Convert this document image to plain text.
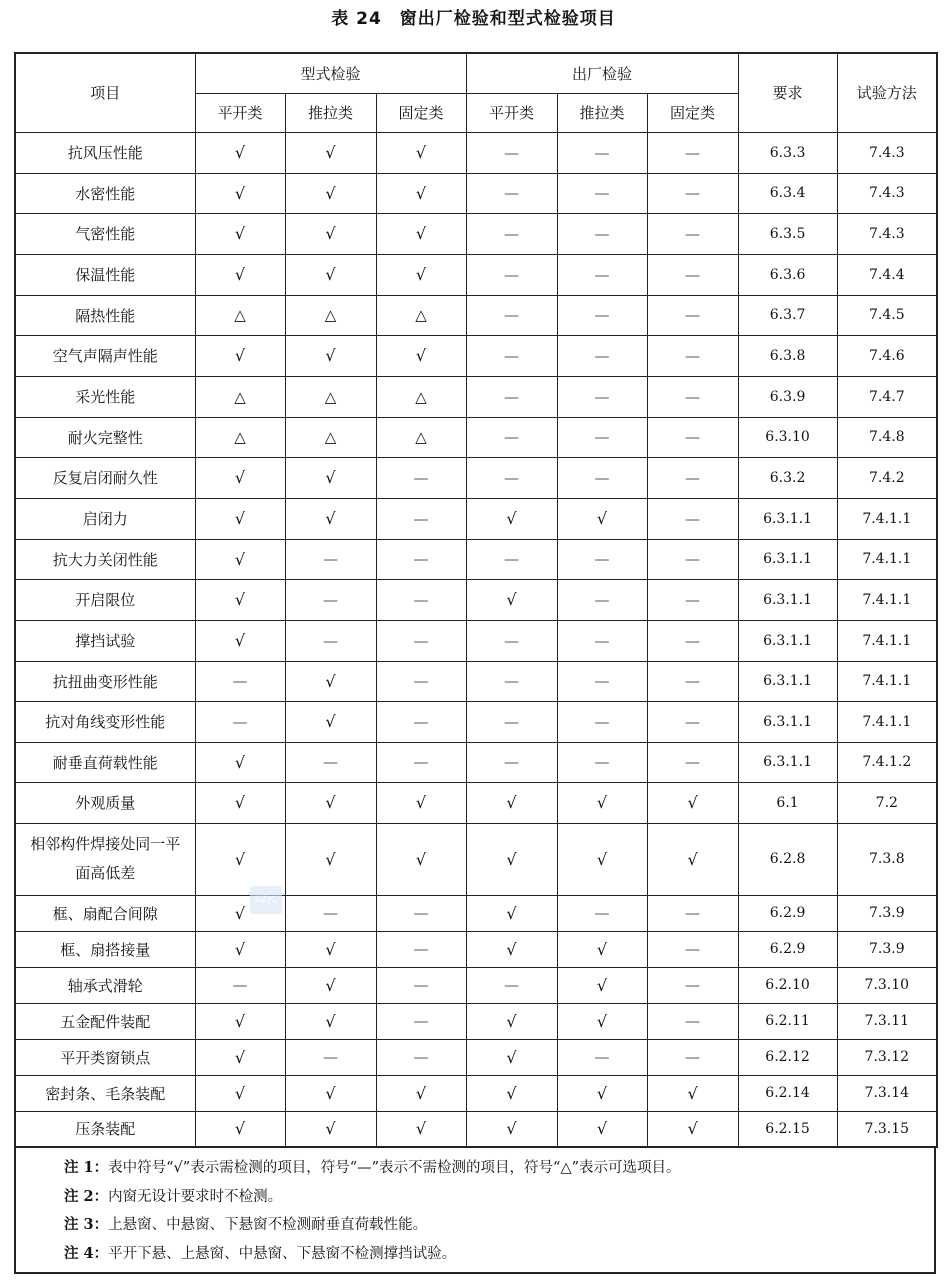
表 24　窗出厂检验和型式检验项目
项目	型式检验			出厂检验			要求	试验方法
	平开类	推拉类	固定类	平开类	推拉类	固定类		
抗风压性能	√	√	√	—	—	—	6.3.3	7.4.3
水密性能	√	√	√	—	—	—	6.3.4	7.4.3
气密性能	√	√	√	—	—	—	6.3.5	7.4.3
保温性能	√	√	√	—	—	—	6.3.6	7.4.4
隔热性能	△	△	△	—	—	—	6.3.7	7.4.5
空气声隔声性能	√	√	√	—	—	—	6.3.8	7.4.6
采光性能	△	△	△	—	—	—	6.3.9	7.4.7
耐火完整性	△	△	△	—	—	—	6.3.10	7.4.8
反复启闭耐久性	√	√	—	—	—	—	6.3.2	7.4.2
启闭力	√	√	—	√	√	—	6.3.1.1	7.4.1.1
抗大力关闭性能	√	—	—	—	—	—	6.3.1.1	7.4.1.1
开启限位	√	—	—	√	—	—	6.3.1.1	7.4.1.1
撑挡试验	√	—	—	—	—	—	6.3.1.1	7.4.1.1
抗扭曲变形性能	—	√	—	—	—	—	6.3.1.1	7.4.1.1
抗对角线变形性能	—	√	—	—	—	—	6.3.1.1	7.4.1.1
耐垂直荷载性能	√	—	—	—	—	—	6.3.1.1	7.4.1.2
外观质量	√	√	√	√	√	√	6.1	7.2
相邻构件焊接处同一平面高低差	√	√	√	√	√	√	6.2.8	7.3.8
框、扇配合间隙	√	—	—	√	—	—	6.2.9	7.3.9
框、扇搭接量	√	√	—	√	√	—	6.2.9	7.3.9
轴承式滑轮	—	√	—	—	√	—	6.2.10	7.3.10
五金配件装配	√	√	—	√	√	—	6.2.11	7.3.11
平开类窗锁点	√	—	—	√	—	—	6.2.12	7.3.12
密封条、毛条装配	√	√	√	√	√	√	6.2.14	7.3.14
压条装配	√	√	√	√	√	√	6.2.15	7.3.15
SZJC
注 1：表中符号“√”表示需检测的项目，符号“—”表示不需检测的项目，符号“△”表示可选项目。
注 2：内窗无设计要求时不检测。
注 3：上悬窗、中悬窗、下悬窗不检测耐垂直荷载性能。
注 4：平开下悬、上悬窗、中悬窗、下悬窗不检测撑挡试验。
